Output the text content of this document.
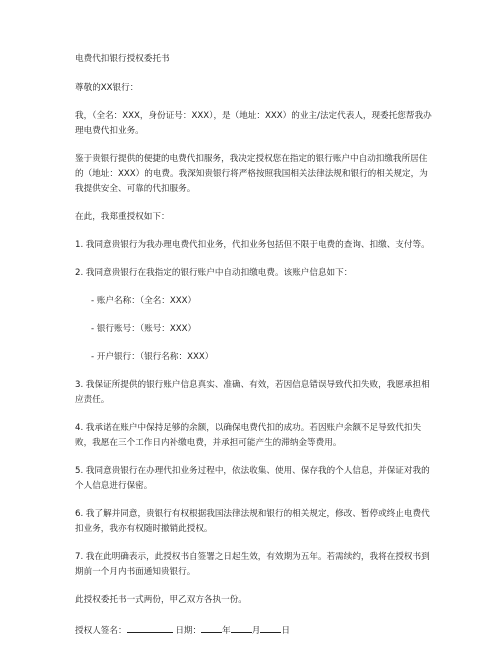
电费代扣银行授权委托书

尊敬的XX银行：

我，（全名：XXX，身份证号：XXX），是（地址：XXX）的业主/法定代表人，现委托您帮我办理电费代扣业务。

鉴于贵银行提供的便捷的电费代扣服务，我决定授权您在指定的银行账户中自动扣缴我所居住的（地址：XXX）的电费。我深知贵银行将严格按照我国相关法律法规和银行的相关规定，为我提供安全、可靠的代扣服务。

在此，我郑重授权如下：

1. 我同意贵银行为我办理电费代扣业务，代扣业务包括但不限于电费的查询、扣缴、支付等。

2. 我同意贵银行在我指定的银行账户中自动扣缴电费。该账户信息如下：

- 账户名称：（全名：XXX）

- 银行账号：（账号：XXX）

- 开户银行：（银行名称：XXX）

3. 我保证所提供的银行账户信息真实、准确、有效，若因信息错误导致代扣失败，我愿承担相应责任。

4. 我承诺在账户中保持足够的余额，以确保电费代扣的成功。若因账户余额不足导致代扣失败，我愿在三个工作日内补缴电费，并承担可能产生的滞纳金等费用。

5. 我同意贵银行在办理代扣业务过程中，依法收集、使用、保存我的个人信息，并保证对我的个人信息进行保密。

6. 我了解并同意，贵银行有权根据我国法律法规和银行的相关规定，修改、暂停或终止电费代扣业务，我亦有权随时撤销此授权。

7. 我在此明确表示，此授权书自签署之日起生效，有效期为五年。若需续约，我将在授权书到期前一个月内书面通知贵银行。

此授权委托书一式两份，甲乙双方各执一份。

授权人签名：	日期： 年 月 日
